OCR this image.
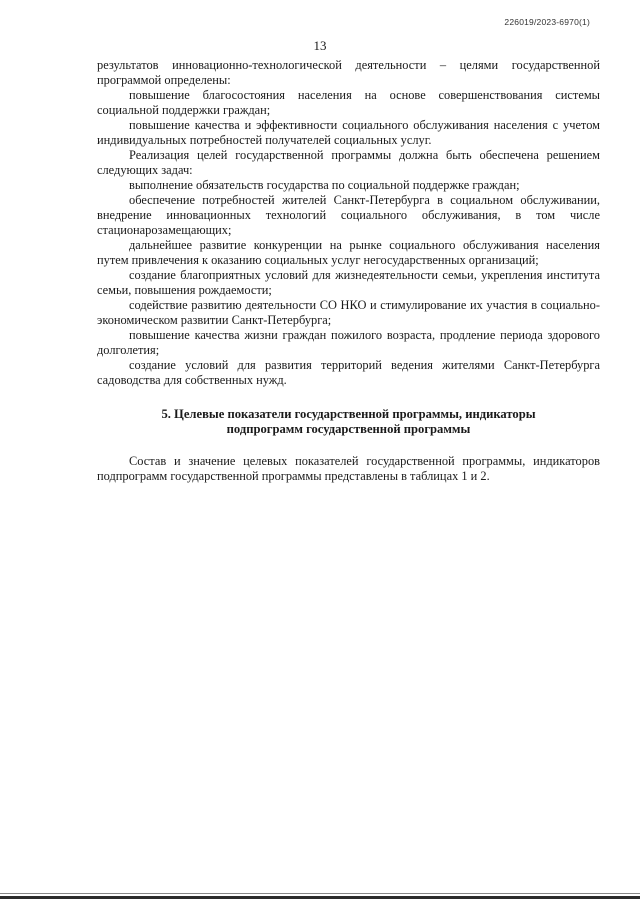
226019/2023-6970(1)
13

результатов инновационно-технологической деятельности – целями государственной программой определены:

повышение благосостояния населения на основе совершенствования системы социальной поддержки граждан;

повышение качества и эффективности социального обслуживания населения с учетом индивидуальных потребностей получателей социальных услуг.

Реализация целей государственной программы должна быть обеспечена решением следующих задач:

выполнение обязательств государства по социальной поддержке граждан;

обеспечение потребностей жителей Санкт-Петербурга в социальном обслуживании, внедрение инновационных технологий социального обслуживания, в том числе стационарозамещающих;

дальнейшее развитие конкуренции на рынке социального обслуживания населения путем привлечения к оказанию социальных услуг негосударственных организаций;

создание благоприятных условий для жизнедеятельности семьи, укрепления института семьи, повышения рождаемости;

содействие развитию деятельности СО НКО и стимулирование их участия в социально-экономическом развитии Санкт-Петербурга;

повышение качества жизни граждан пожилого возраста, продление периода здорового долголетия;

создание условий для развития территорий ведения жителями Санкт-Петербурга садоводства для собственных нужд.

5. Целевые показатели государственной программы, индикаторы
подпрограмм государственной программы

Состав и значение целевых показателей государственной программы, индикаторов подпрограмм государственной программы представлены в таблицах 1 и 2.
